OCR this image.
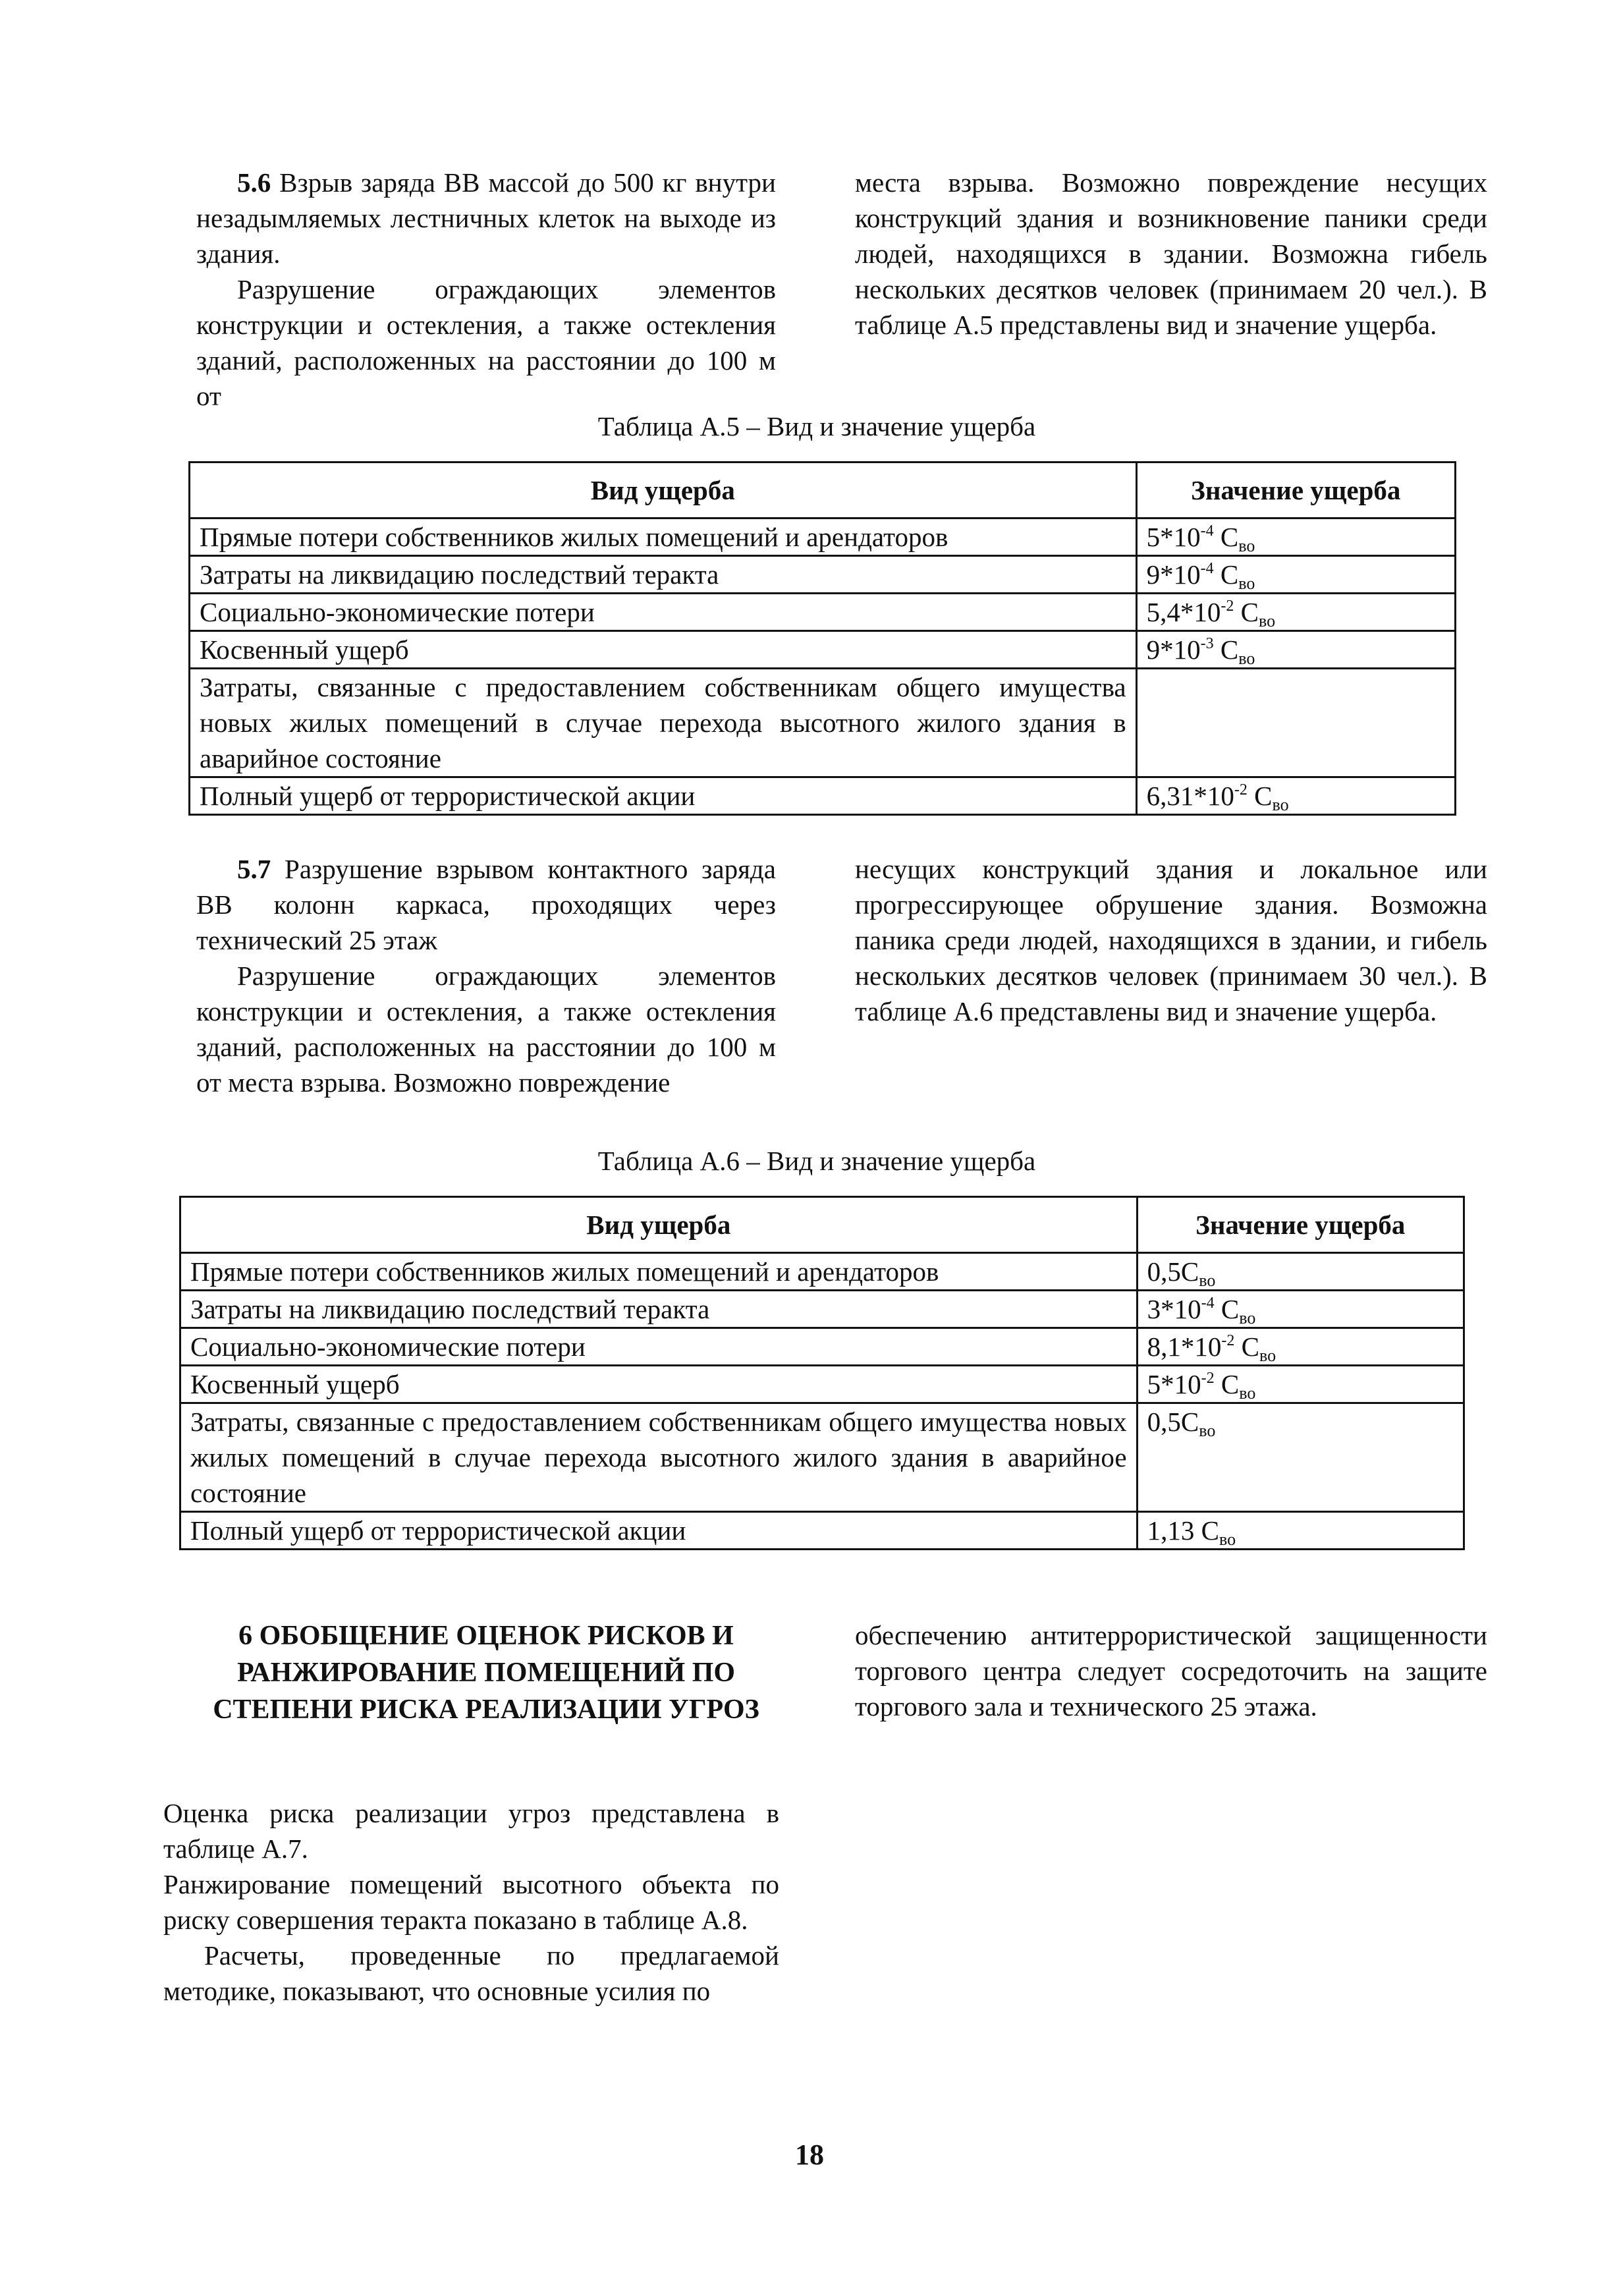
5.6 Взрыв заряда ВВ массой до 500 кг внутри незадымляемых лестничных клеток на выходе из здания.

Разрушение ограждающих элементов конструкции и остекления, а также остекления зданий, расположенных на расстоянии до 100 м от

места взрыва. Возможно повреждение несущих конструкций здания и возникновение паники среди людей, находящихся в здании. Возможна гибель нескольких десятков человек (принимаем 20 чел.). В таблице А.5 представлены вид и значение ущерба.

Таблица А.5 – Вид и значение ущерба
Вид ущерба	Значение ущерба
Прямые потери собственников жилых помещений и арендаторов	$5*10^{-4}$ $С_{во}$
Затраты на ликвидацию последствий теракта	$9*10^{-4}$ $С_{во}$
Социально-экономические потери	$5,4*10^{-2}$ $С_{во}$
Косвенный ущерб	$9*10^{-3}$ $С_{во}$
Затраты, связанные с предоставлением собственникам общего имущества новых жилых помещений в случае перехода высотного жилого здания в аварийное состояние	
Полный ущерб от террористической акции	$6,31*10^{-2}$ $С_{во}$

5.7 Разрушение взрывом контактного заряда ВВ колонн каркаса, проходящих через технический 25 этаж

Разрушение ограждающих элементов конструкции и остекления, а также остекления зданий, расположенных на расстоянии до 100 м от места взрыва. Возможно повреждение

несущих конструкций здания и локальное или прогрессирующее обрушение здания. Возможна паника среди людей, находящихся в здании, и гибель нескольких десятков человек (принимаем 30 чел.). В таблице А.6 представлены вид и значение ущерба.

Таблица А.6 – Вид и значение ущерба
Вид ущерба	Значение ущерба
Прямые потери собственников жилых помещений и арендаторов	$0,5С_{во}$
Затраты на ликвидацию последствий теракта	$3*10^{-4}$ $С_{во}$
Социально-экономические потери	$8,1*10^{-2}$ $С_{во}$
Косвенный ущерб	$5*10^{-2}$ $С_{во}$
Затраты, связанные с предоставлением собственникам общего имущества новых жилых помещений в случае перехода высотного жилого здания в аварийное состояние	$0,5С_{во}$
Полный ущерб от террористической акции	1,13 $С_{во}$
6 ОБОБЩЕНИЕ ОЦЕНОК РИСКОВ И РАНЖИРОВАНИЕ ПОМЕЩЕНИЙ ПО СТЕПЕНИ РИСКА РЕАЛИЗАЦИИ УГРОЗ

Оценка риска реализации угроз представлена в таблице А.7.

Ранжирование помещений высотного объекта по риску совершения теракта показано в таблице А.8.

Расчеты, проведенные по предлагаемой методике, показывают, что основные усилия по

обеспечению антитеррористической защищенности торгового центра следует сосредоточить на защите торгового зала и технического 25 этажа.

18
